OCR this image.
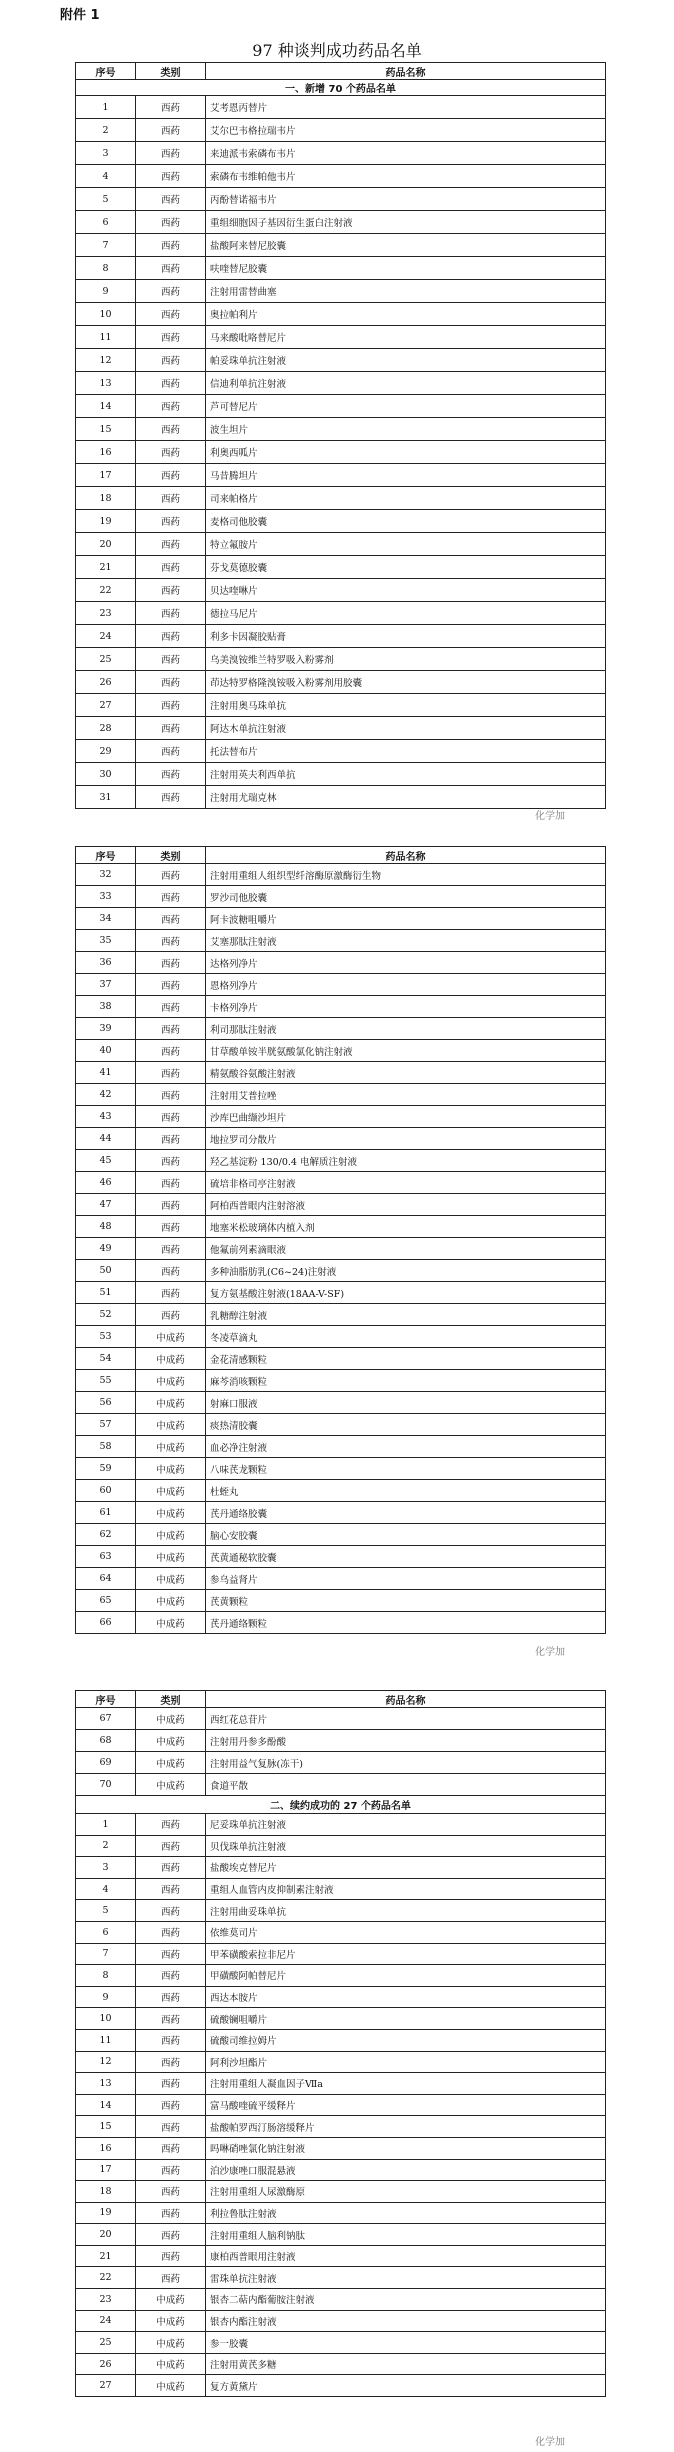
附件 1
97 种谈判成功药品名单
序号	类别	药品名称
一、新增 70 个药品名单		
1	西药	艾考恩丙替片
2	西药	艾尔巴韦格拉瑞韦片
3	西药	来迪派韦索磷布韦片
4	西药	索磷布韦维帕他韦片
5	西药	丙酚替诺福韦片
6	西药	重组细胞因子基因衍生蛋白注射液
7	西药	盐酸阿来替尼胶囊
8	西药	呋喹替尼胶囊
9	西药	注射用雷替曲塞
10	西药	奥拉帕利片
11	西药	马来酸吡咯替尼片
12	西药	帕妥珠单抗注射液
13	西药	信迪利单抗注射液
14	西药	芦可替尼片
15	西药	波生坦片
16	西药	利奥西呱片
17	西药	马昔腾坦片
18	西药	司来帕格片
19	西药	麦格司他胶囊
20	西药	特立氟胺片
21	西药	芬戈莫德胶囊
22	西药	贝达喹啉片
23	西药	德拉马尼片
24	西药	利多卡因凝胶贴膏
25	西药	乌美溴铵维兰特罗吸入粉雾剂
26	西药	茚达特罗格隆溴铵吸入粉雾剂用胶囊
27	西药	注射用奥马珠单抗
28	西药	阿达木单抗注射液
29	西药	托法替布片
30	西药	注射用英夫利西单抗
31	西药	注射用尤瑞克林
序号	类别	药品名称
32	西药	注射用重组人组织型纤溶酶原激酶衍生物
33	西药	罗沙司他胶囊
34	西药	阿卡波糖咀嚼片
35	西药	艾塞那肽注射液
36	西药	达格列净片
37	西药	恩格列净片
38	西药	卡格列净片
39	西药	利司那肽注射液
40	西药	甘草酸单铵半胱氨酸氯化钠注射液
41	西药	精氨酸谷氨酸注射液
42	西药	注射用艾普拉唑
43	西药	沙库巴曲缬沙坦片
44	西药	地拉罗司分散片
45	西药	羟乙基淀粉 130/0.4 电解质注射液
46	西药	硫培非格司亭注射液
47	西药	阿柏西普眼内注射溶液
48	西药	地塞米松玻璃体内植入剂
49	西药	他氟前列素滴眼液
50	西药	多种油脂肪乳(C6~24)注射液
51	西药	复方氨基酸注射液(18AA-V-SF)
52	西药	乳糖醇注射液
53	中成药	冬凌草滴丸
54	中成药	金花清感颗粒
55	中成药	麻芩消咳颗粒
56	中成药	射麻口服液
57	中成药	痰热清胶囊
58	中成药	血必净注射液
59	中成药	八味芪龙颗粒
60	中成药	杜蛭丸
61	中成药	芪丹通络胶囊
62	中成药	脑心安胶囊
63	中成药	芪黄通秘软胶囊
64	中成药	参乌益肾片
65	中成药	芪黄颗粒
66	中成药	芪丹通络颗粒
序号	类别	药品名称
67	中成药	西红花总苷片
68	中成药	注射用丹参多酚酸
69	中成药	注射用益气复脉(冻干)
70	中成药	食道平散
二、续约成功的 27 个药品名单		
1	西药	尼妥珠单抗注射液
2	西药	贝伐珠单抗注射液
3	西药	盐酸埃克替尼片
4	西药	重组人血管内皮抑制素注射液
5	西药	注射用曲妥珠单抗
6	西药	依维莫司片
7	西药	甲苯磺酸索拉非尼片
8	西药	甲磺酸阿帕替尼片
9	西药	西达本胺片
10	西药	硫酸镧咀嚼片
11	西药	硫酸司维拉姆片
12	西药	阿利沙坦酯片
13	西药	注射用重组人凝血因子Ⅶa
14	西药	富马酸喹硫平缓释片
15	西药	盐酸帕罗西汀肠溶缓释片
16	西药	吗啉硝唑氯化钠注射液
17	西药	泊沙康唑口服混悬液
18	西药	注射用重组人尿激酶原
19	西药	利拉鲁肽注射液
20	西药	注射用重组人脑利钠肽
21	西药	康柏西普眼用注射液
22	西药	雷珠单抗注射液
23	中成药	银杏二萜内酯葡胺注射液
24	中成药	银杏内酯注射液
25	中成药	参一胶囊
26	中成药	注射用黄芪多糖
27	中成药	复方黄黛片
化学加
化学加
化学加
